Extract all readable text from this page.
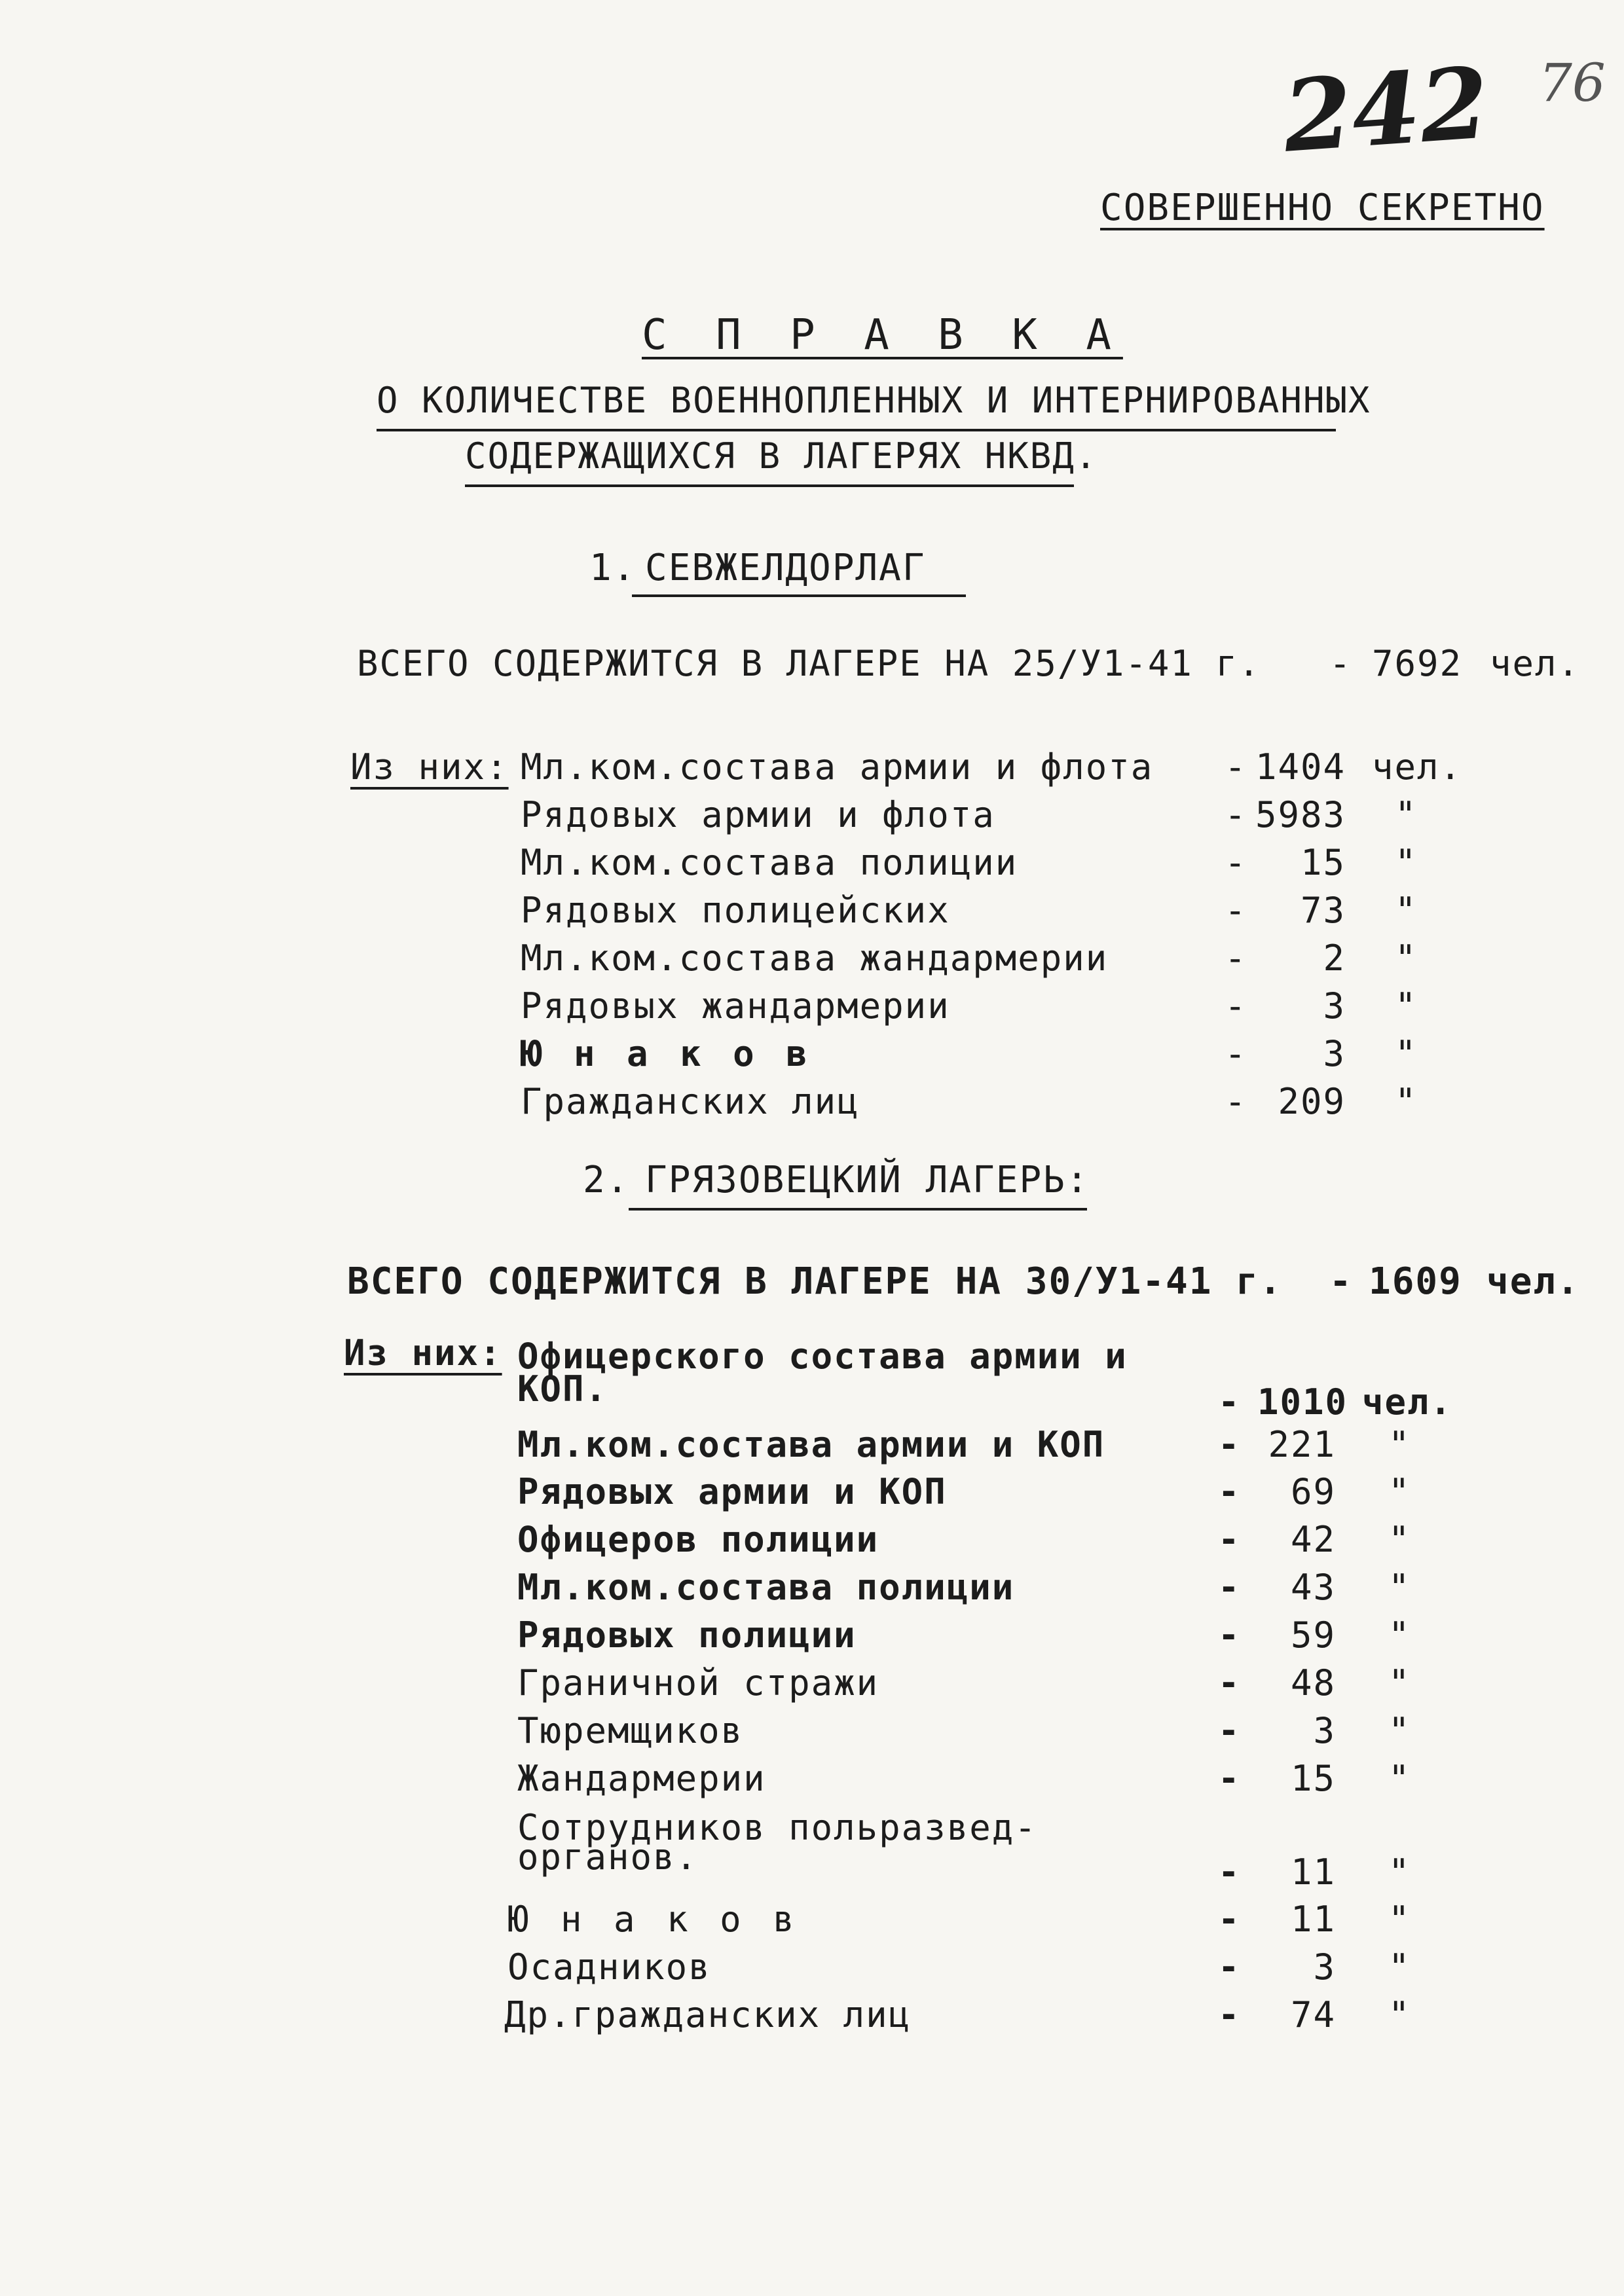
242 76
СОВЕРШЕННО СЕКРЕТНО
С П Р А В К А
О КОЛИЧЕСТВЕ ВОЕННОПЛЕННЫХ И ИНТЕРНИРОВАННЫХ
СОДЕРЖАЩИХСЯ В ЛАГЕРЯХ НКВД.
1. СЕВЖЕЛДОРЛАГ
ВСЕГО СОДЕРЖИТСЯ В ЛАГЕРЕ НА 25/У1-41 г. - 7692 чел.
Из них: Мл.ком.состава армии и флота - 1404 чел.
Рядовых армии и флота	- 5983 "
Мл.ком.состава полиции	- 15 "
Рядовых полицейских	- 73 "
Мл.ком.состава жандармерии	- 2 "
Рядовых жандармерии	- 3 "
Ю н а к о в	- 3 "
Гражданских лиц	- 209 "
2. ГРЯЗОВЕЦКИЙ ЛАГЕРЬ:
ВСЕГО СОДЕРЖИТСЯ В ЛАГЕРЕ НА 30/У1-41 г. - 1609 чел.
Из них: Офицерского состава армии и
КОП.	- 1010 чел.
Мл.ком.состава армии и КОП	- 221 "
Рядовых армии и КОП	- 69 "
Офицеров полиции	- 42 "
Мл.ком.состава полиции	- 43 "
Рядовых полиции	- 59 "
Граничной стражи	- 48 "
Тюремщиков	- 3 "
Жандармерии	- 15 "
Сотрудников польразвед-
органов.	- 11 "
Ю н а к о в	- 11 "
Осадников	- 3 "
Др.гражданских лиц	- 74 "
